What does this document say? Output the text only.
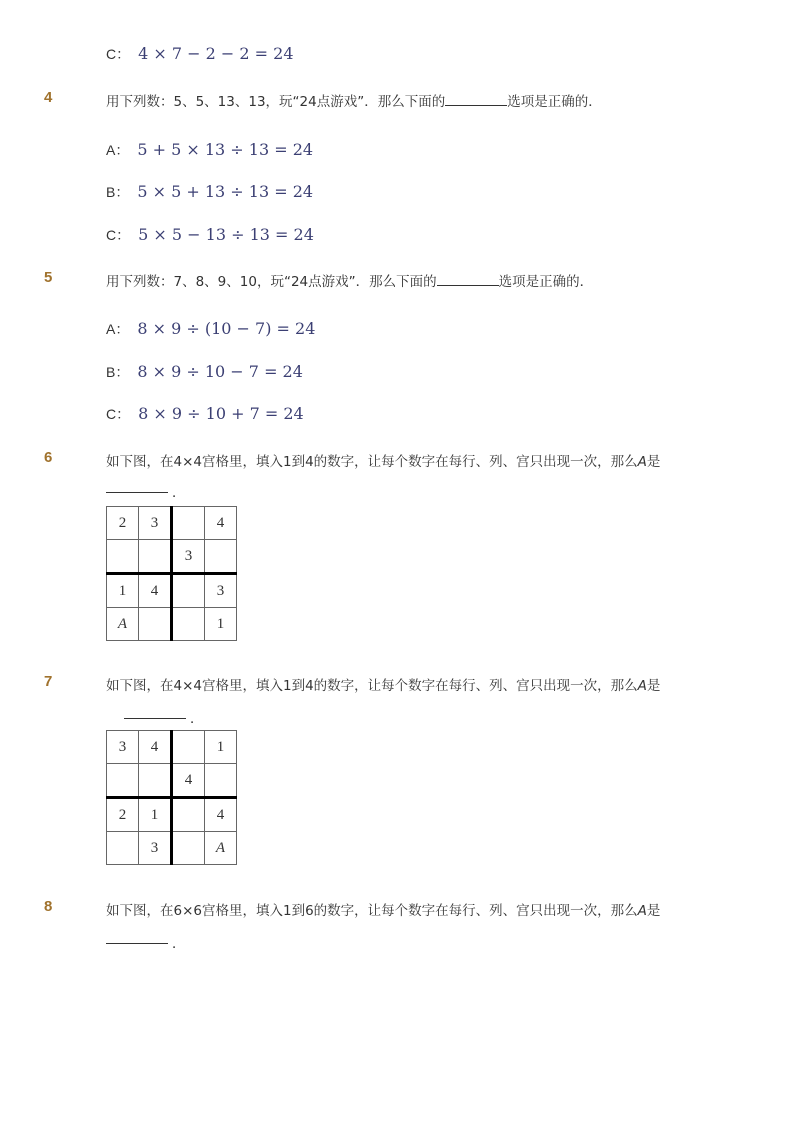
C： 4 × 7 − 2 − 2 = 24
4	用下列数：5、5、13、13，玩“24点游戏”．那么下面的	选项是正确的．
A： 5 + 5 × 13 ÷ 13 = 24
B： 5 × 5 + 13 ÷ 13 = 24
C： 5 × 5 − 13 ÷ 13 = 24
5	用下列数：7、8、9、10，玩“24点游戏”．那么下面的	选项是正确的．
A： 8 × 9 ÷ (10 − 7) = 24
B： 8 × 9 ÷ 10 − 7 = 24
C： 8 × 9 ÷ 10 + 7 = 24
6	如下图，在4×4宫格里，填入1到4的数字，让每个数字在每行、列、宫只出现一次，那么A是
．
2	3		4
		3	
1	4		3
A			1
7	如下图，在4×4宫格里，填入1到4的数字，让每个数字在每行、列、宫只出现一次，那么A是
．
3	4		1
		4	
2	1		4
	3		A
8	如下图，在6×6宫格里，填入1到6的数字，让每个数字在每行、列、宫只出现一次，那么A是
．
